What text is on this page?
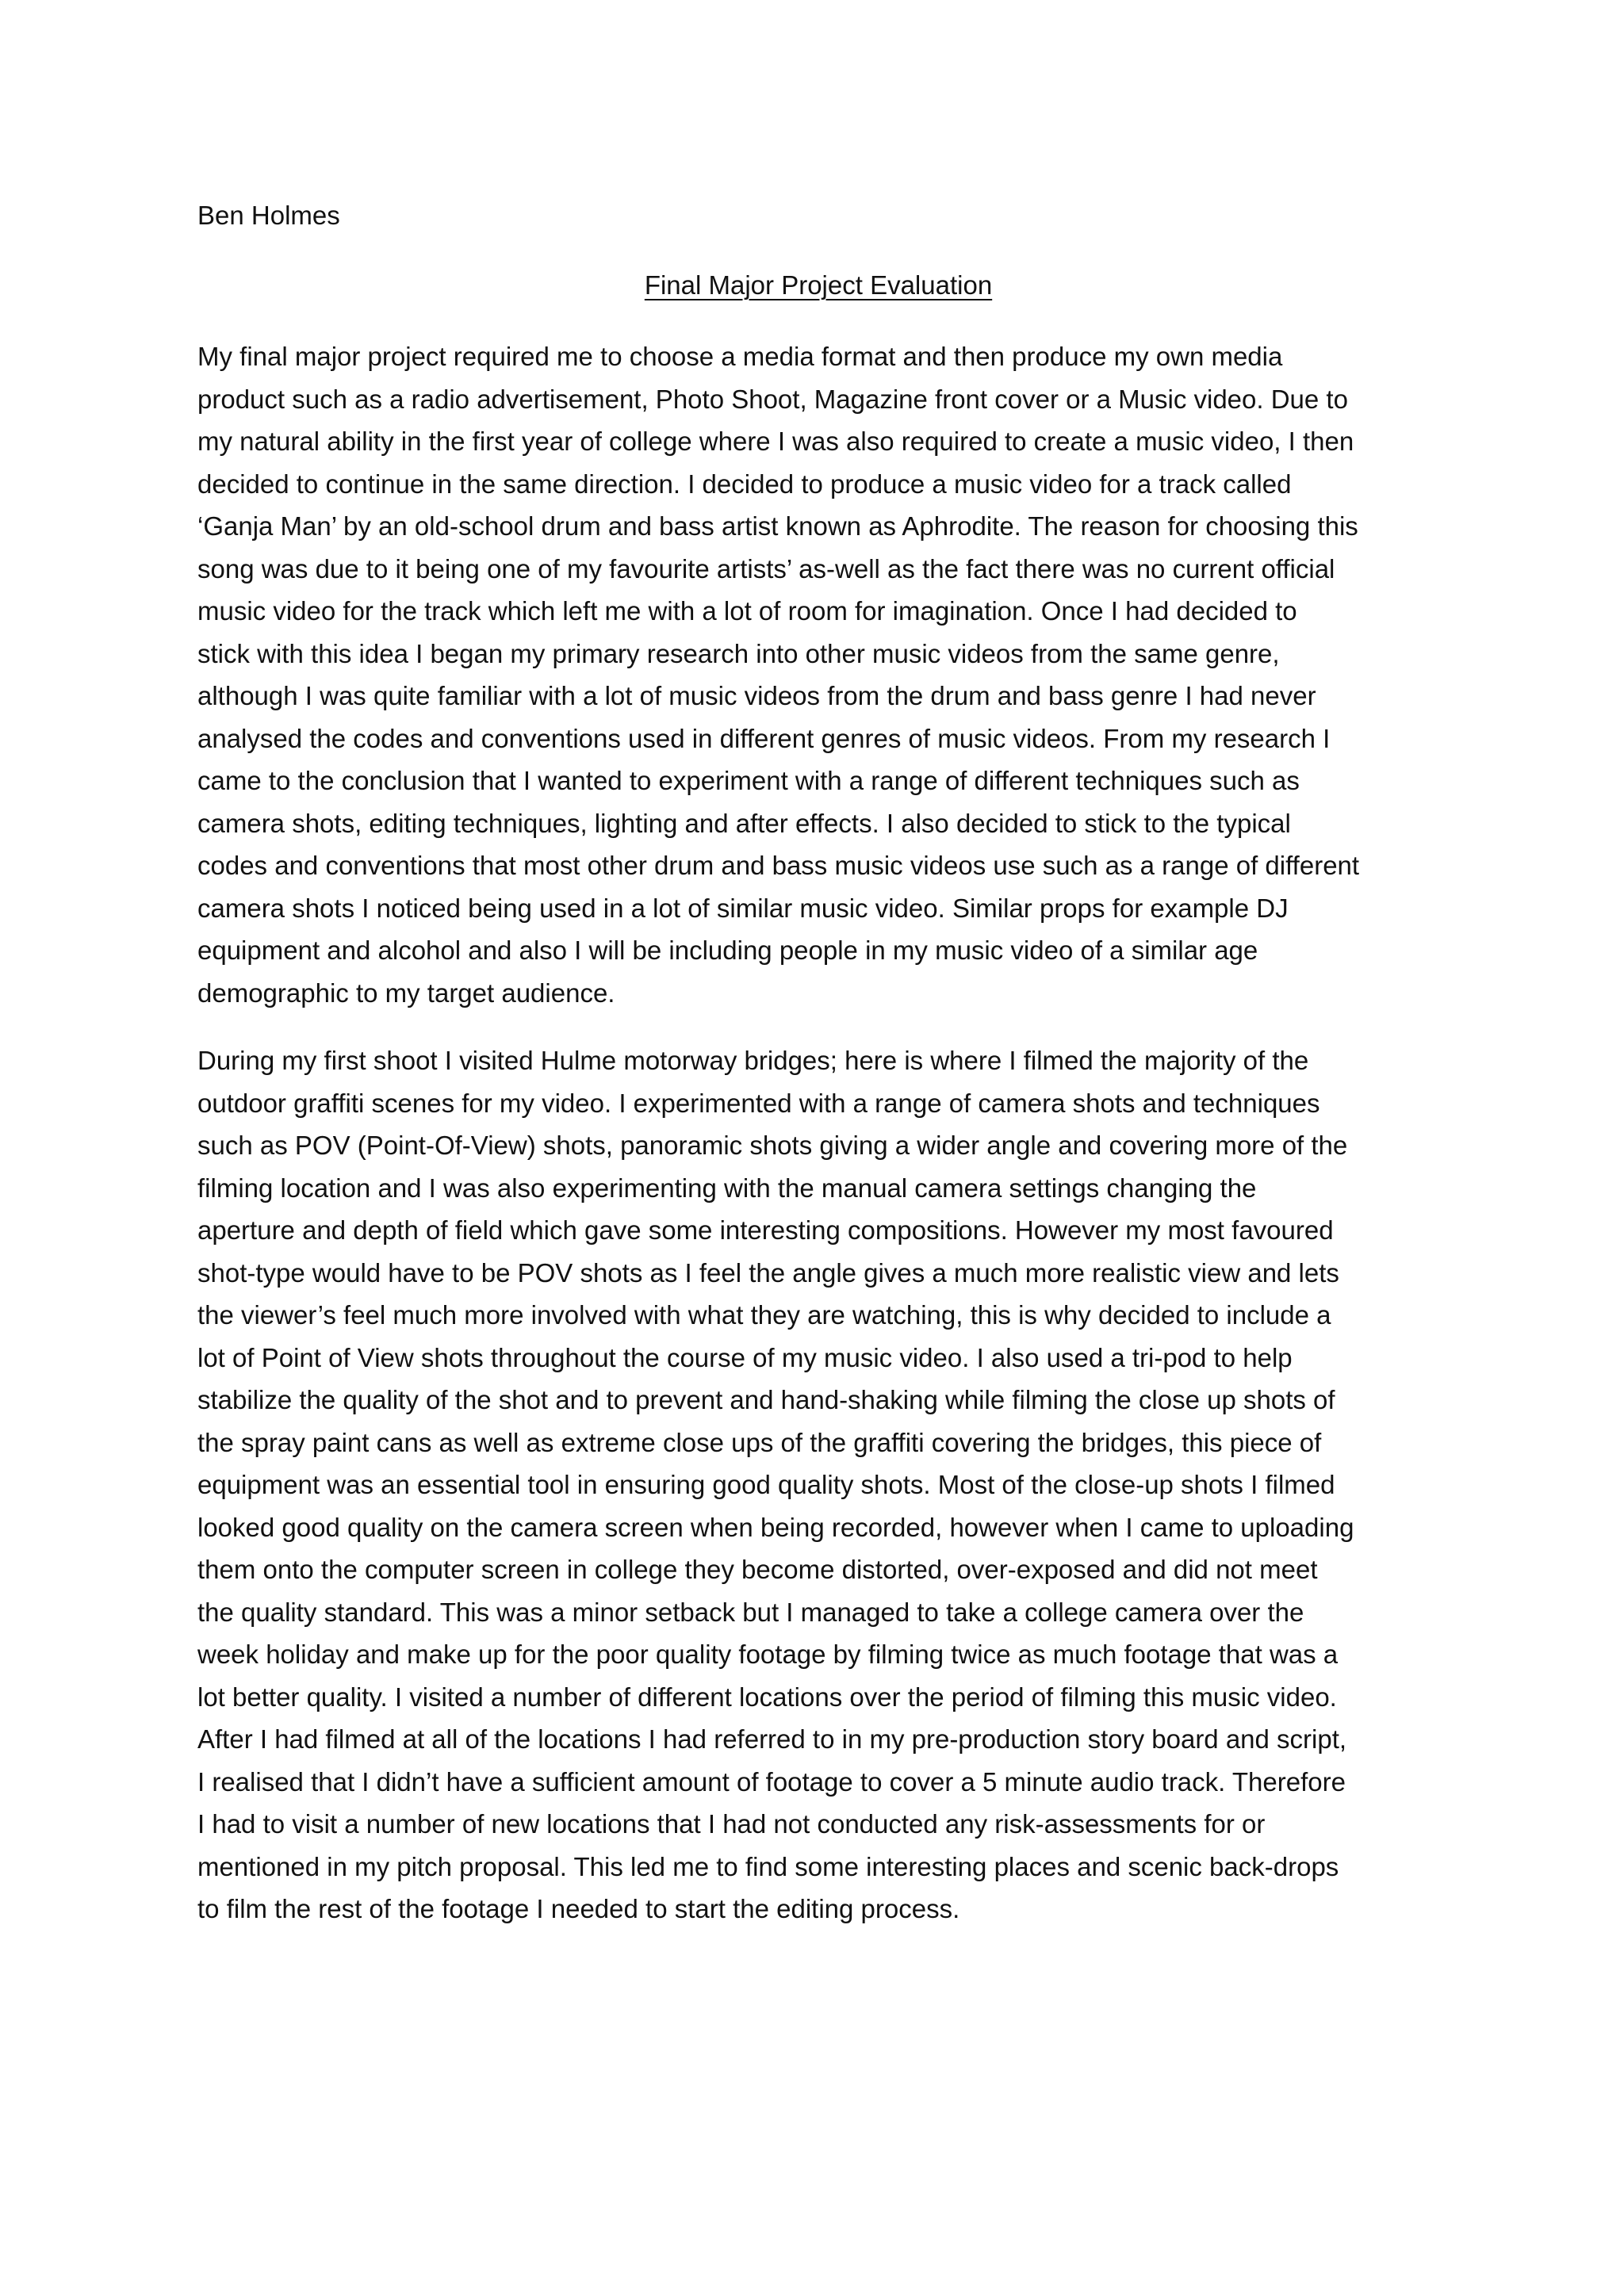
Ben Holmes

Final Major Project Evaluation
My final major project required me to choose a media format and then produce my own media
product such as a radio advertisement, Photo Shoot, Magazine front cover or a Music video. Due to
my natural ability in the first year of college where I was also required to create a music video, I then
decided to continue in the same direction. I decided to produce a music video for a track called
‘Ganja Man’ by an old-school drum and bass artist known as Aphrodite. The reason for choosing this
song was due to it being one of my favourite artists’ as-well as the fact there was no current official
music video for the track which left me with a lot of room for imagination. Once I had decided to
stick with this idea I began my primary research into other music videos from the same genre,
although I was quite familiar with a lot of music videos from the drum and bass genre I had never
analysed the codes and conventions used in different genres of music videos. From my research I
came to the conclusion that I wanted to experiment with a range of different techniques such as
camera shots, editing techniques, lighting and after effects. I also decided to stick to the typical
codes and conventions that most other drum and bass music videos use such as a range of different
camera shots I noticed being used in a lot of similar music video. Similar props for example DJ
equipment and alcohol and also I will be including people in my music video of a similar age
demographic to my target audience.
During my first shoot I visited Hulme motorway bridges; here is where I filmed the majority of the
outdoor graffiti scenes for my video. I experimented with a range of camera shots and techniques
such as POV (Point-Of-View) shots, panoramic shots giving a wider angle and covering more of the
filming location and I was also experimenting with the manual camera settings changing the
aperture and depth of field which gave some interesting compositions. However my most favoured
shot-type would have to be POV shots as I feel the angle gives a much more realistic view and lets
the viewer’s feel much more involved with what they are watching, this is why decided to include a
lot of Point of View shots throughout the course of my music video. I also used a tri-pod to help
stabilize the quality of the shot and to prevent and hand-shaking while filming the close up shots of
the spray paint cans as well as extreme close ups of the graffiti covering the bridges, this piece of
equipment was an essential tool in ensuring good quality shots. Most of the close-up shots I filmed
looked good quality on the camera screen when being recorded, however when I came to uploading
them onto the computer screen in college they become distorted, over-exposed and did not meet
the quality standard. This was a minor setback but I managed to take a college camera over the
week holiday and make up for the poor quality footage by filming twice as much footage that was a
lot better quality. I visited a number of different locations over the period of filming this music video.
After I had filmed at all of the locations I had referred to in my pre-production story board and script,
I realised that I didn’t have a sufficient amount of footage to cover a 5 minute audio track. Therefore
I had to visit a number of new locations that I had not conducted any risk-assessments for or
mentioned in my pitch proposal. This led me to find some interesting places and scenic back-drops
to film the rest of the footage I needed to start the editing process.
